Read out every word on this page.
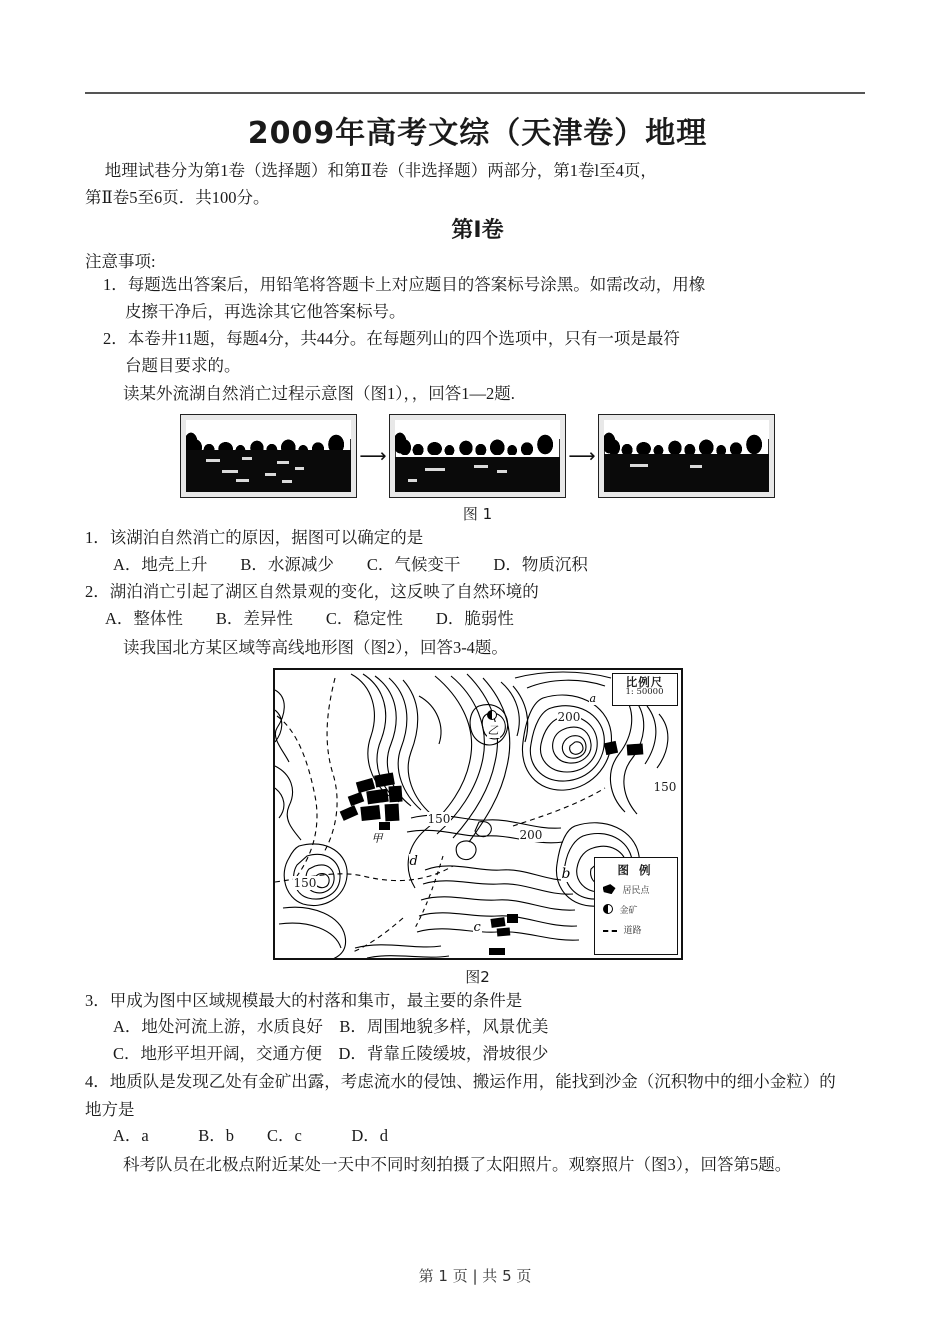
2009年高考文综（天津卷）地理
地理试巷分为第1卷（选择题）和第Ⅱ卷（非选择题）两部分，第1卷l至4页，
第Ⅱ卷5至6页．共100分。
第I卷
注意事项:
1．每题选出答案后，用铅笔将答题卡上对应题目的答案标号涂黑。如需改动，用橡
皮擦干净后，再选涂其它他答案标号。
2．本卷井11题，每题4分，共44分。在每题列山的四个选项中，只有一项是最符
台题目要求的。
读某外流湖自然消亡过程示意图（图1），，回答1—2题.
⟶	⟶
图 1
1．该湖泊自然消亡的原因，据图可以确定的是
A．地壳上升　　B．水源减少　　C．气候变干　　D．物质沉积
2．湖泊消亡引起了湖区自然景观的变化，这反映了自然环境的
A．整体性　　B．差异性　　C．稳定性　　D．脆弱性
读我国北方某区域等高线地形图（图2），回答3-4题。
乙
甲
a
b
c
d
200
150
150
150
200
比例尺
1: 50000
图 例
居民点
金矿
道路
图2
3．甲成为图中区域规模最大的村落和集市，最主要的条件是
A．地处河流上游，水质良好　B．周围地貌多样，风景优美
C．地形平坦开阔，交通方便　D．背靠丘陵缓坡，滑坡很少
4．地质队是发现乙处有金矿出露，考虑流水的侵蚀、搬运作用，能找到沙金（沉积物中的细小金粒）的
地方是
A．a　　　B．b　　C．c　　　D．d
科考队员在北极点附近某处一天中不同时刻拍摄了太阳照片。观察照片（图3），回答第5题。
第 1 页 | 共 5 页
